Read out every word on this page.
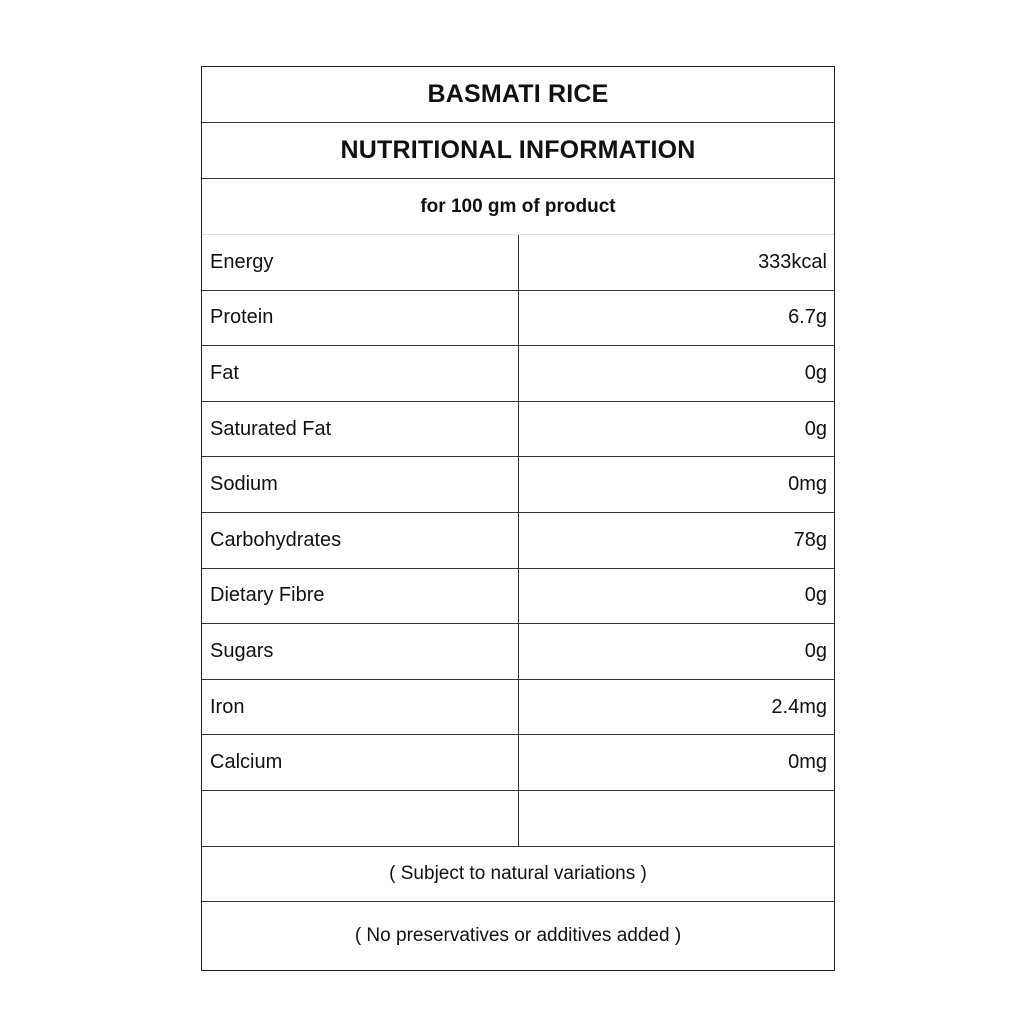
BASMATI RICE
NUTRITIONAL INFORMATION
for 100 gm of product
Energy	333kcal
Protein	6.7g
Fat	0g
Saturated Fat	0g
Sodium	0mg
Carbohydrates	78g
Dietary Fibre	0g
Sugars	0g
Iron	2.4mg
Calcium	0mg
( Subject to natural variations )
( No preservatives or additives added )
